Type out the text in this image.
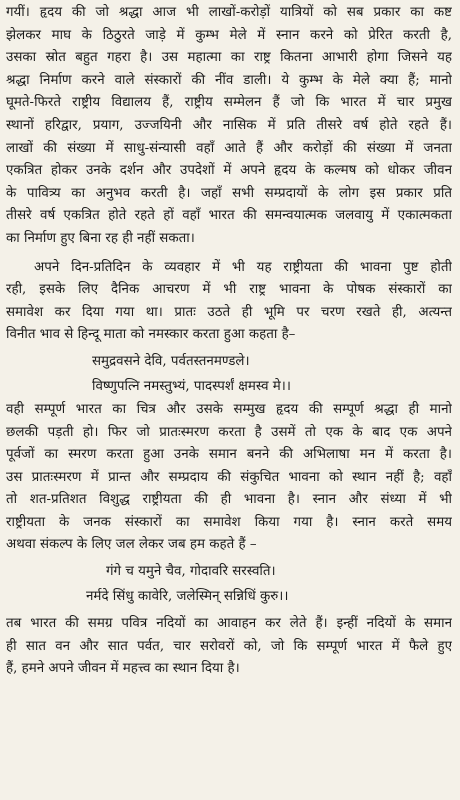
गयीं। हृदय की जो श्रद्धा आज भी लाखों-करोड़ों यात्रियों को सब प्रकार का कष्ट
झेलकर माघ के ठिठुरते जाड़े में कुम्भ मेले में स्नान करने को प्रेरित करती है,
उसका स्रोत बहुत गहरा है। उस महात्मा का राष्ट्र कितना आभारी होगा जिसने यह
श्रद्धा निर्माण करने वाले संस्कारों की नींव डाली। ये कुम्भ के मेले क्या हैं; मानो
घूमते-फिरते राष्ट्रीय विद्यालय हैं, राष्ट्रीय सम्मेलन हैं जो कि भारत में चार प्रमुख
स्थानों हरिद्वार, प्रयाग, उज्जयिनी और नासिक में प्रति तीसरे वर्ष होते रहते हैं।
लाखों की संख्या में साधु-संन्यासी वहाँ आते हैं और करोड़ों की संख्या में जनता
एकत्रित होकर उनके दर्शन और उपदेशों में अपने हृदय के कल्मष को धोकर जीवन
के पावित्र्य का अनुभव करती है। जहाँ सभी सम्प्रदायों के लोग इस प्रकार प्रति
तीसरे वर्ष एकत्रित होते रहते हों वहाँ भारत की समन्वयात्मक जलवायु में एकात्मकता
का निर्माण हुए बिना रह ही नहीं सकता।
अपने दिन-प्रतिदिन के व्यवहार में भी यह राष्ट्रीयता की भावना पुष्ट होती
रही, इसके लिए दैनिक आचरण में भी राष्ट्र भावना के पोषक संस्कारों का
समावेश कर दिया गया था। प्रातः उठते ही भूमि पर चरण रखते ही, अत्यन्त
विनीत भाव से हिन्दू माता को नमस्कार करता हुआ कहता है–
समुद्रवसने देवि, पर्वतस्तनमण्डले।
विष्णुपत्नि नमस्तुभ्यं, पादस्पर्शं क्षमस्व मे।।
वही सम्पूर्ण भारत का चित्र और उसके सम्मुख हृदय की सम्पूर्ण श्रद्धा ही मानो
छलकी पड़ती हो। फिर जो प्रातःस्मरण करता है उसमें तो एक के बाद एक अपने
पूर्वजों का स्मरण करता हुआ उनके समान बनने की अभिलाषा मन में करता है।
उस प्रातःस्मरण में प्रान्त और सम्प्रदाय की संकुचित भावना को स्थान नहीं है; वहाँ
तो शत-प्रतिशत विशुद्ध राष्ट्रीयता की ही भावना है। स्नान और संध्या में भी
राष्ट्रीयता के जनक संस्कारों का समावेश किया गया है। स्नान करते समय
अथवा संकल्प के लिए जल लेकर जब हम कहते हैं –
गंगे च यमुने चैव, गोदावरि सरस्वति।
नर्मदे सिंधु कावेरि, जलेस्मिन् सन्निधिं कुरु।।
तब भारत की समग्र पवित्र नदियों का आवाहन कर लेते हैं। इन्हीं नदियों के समान
ही सात वन और सात पर्वत, चार सरोवरों को, जो कि सम्पूर्ण भारत में फैले हुए
हैं, हमने अपने जीवन में महत्त्व का स्थान दिया है।
